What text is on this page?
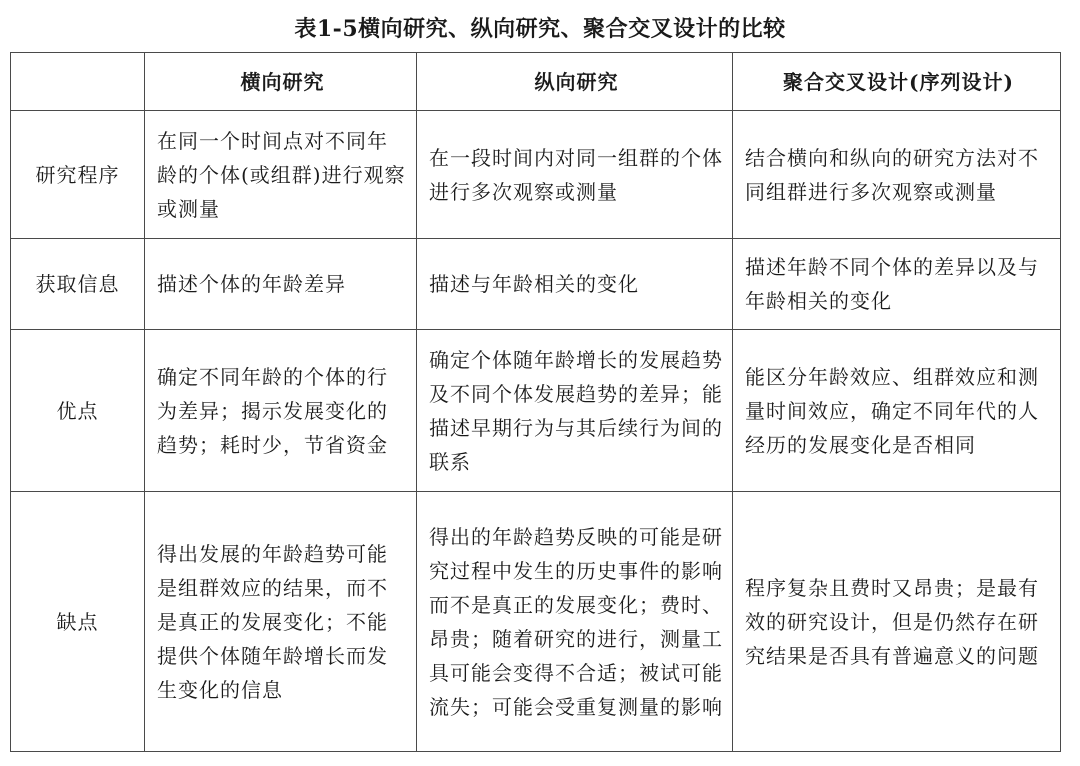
表1-5横向研究、纵向研究、聚合交叉设计的比较
	横向研究	纵向研究	聚合交叉设计(序列设计)
研究程序	在同一个时间点对不同年龄的个体(或组群)进行观察或测量	在一段时间内对同一组群的个体进行多次观察或测量	结合横向和纵向的研究方法对不同组群进行多次观察或测量

获取信息	描述个体的年龄差异	描述与年龄相关的变化	描述年龄不同个体的差异以及与年龄相关的变化

优点	确定不同年龄的个体的行为差异；揭示发展变化的趋势；耗时少，节省资金	确定个体随年龄增长的发展趋势及不同个体发展趋势的差异；能描述早期行为与其后续行为间的联系	能区分年龄效应、组群效应和测量时间效应，确定不同年代的人经历的发展变化是否相同

缺点	得出发展的年龄趋势可能是组群效应的结果，而不是真正的发展变化；不能提供个体随年龄增长而发生变化的信息	得出的年龄趋势反映的可能是研究过程中发生的历史事件的影响而不是真正的发展变化；费时、昂贵；随着研究的进行，测量工具可能会变得不合适；被试可能流失；可能会受重复测量的影响	程序复杂且费时又昂贵；是最有效的研究设计，但是仍然存在研究结果是否具有普遍意义的问题
